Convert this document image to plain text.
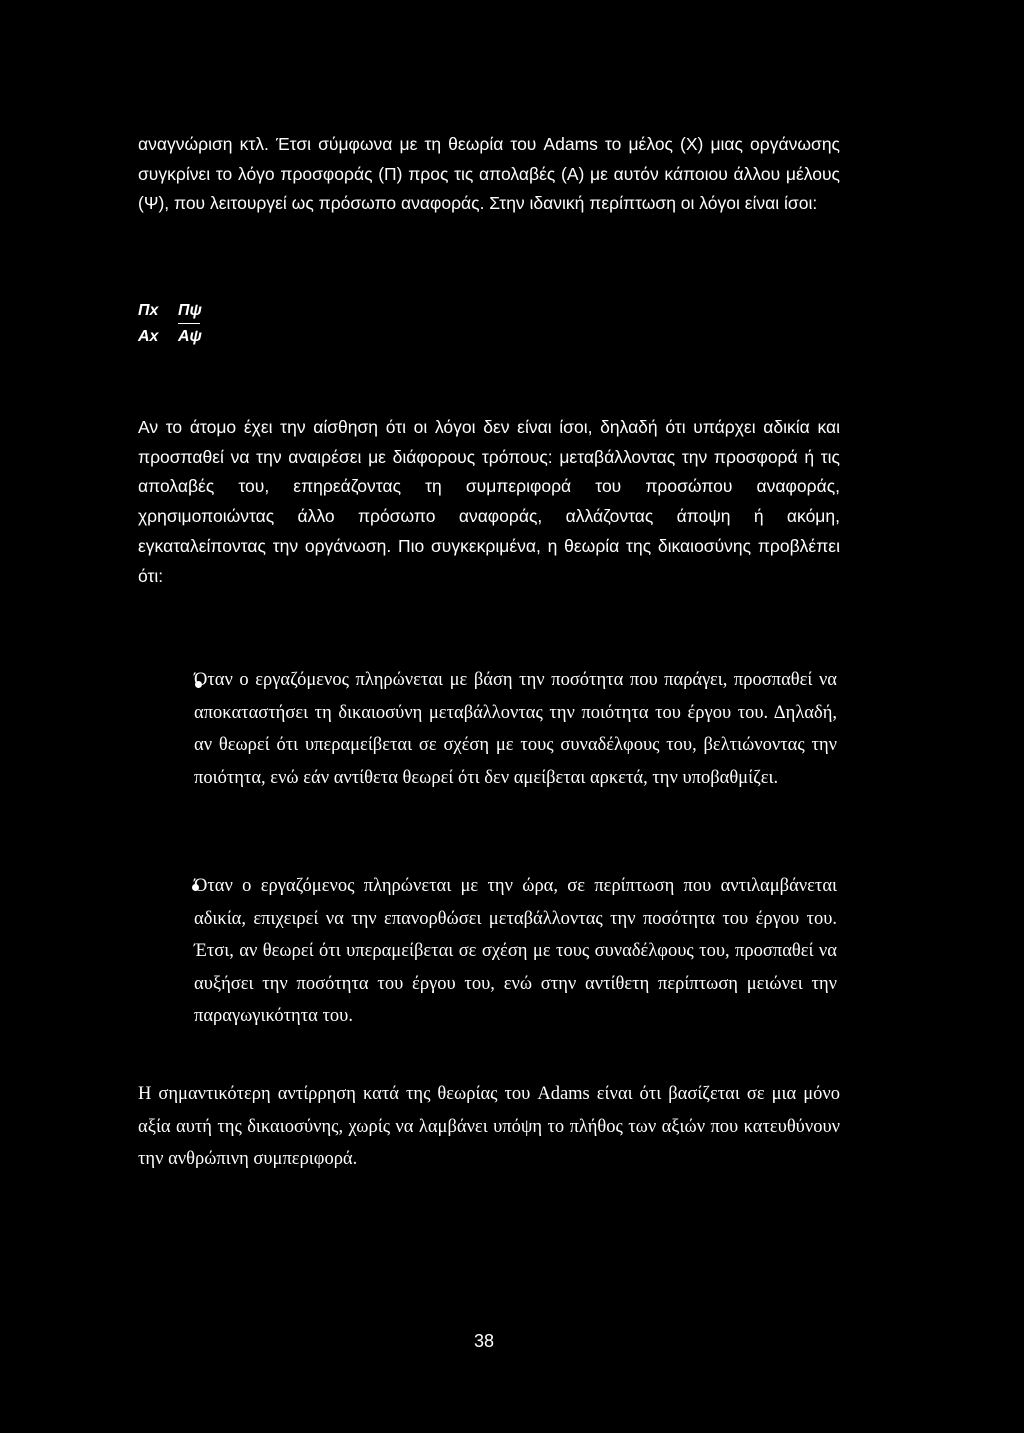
αναγνώριση κτλ. Έτσι σύμφωνα με τη θεωρία του Adams το μέλος (Χ) μιας οργάνωσης συγκρίνει το λόγο προσφοράς (Π) προς τις απολαβές (Α) με αυτόν κάποιου άλλου μέλους (Ψ), που λειτουργεί ως πρόσωπο αναφοράς. Στην ιδανική περίπτωση οι λόγοι είναι ίσοι:

Πx
Ax
Πψ
Aψ

Αν το άτομο έχει την αίσθηση ότι οι λόγοι δεν είναι ίσοι, δηλαδή ότι υπάρχει αδικία και προσπαθεί να την αναιρέσει με διάφορους τρόπους: μεταβάλλοντας την προσφορά ή τις απολαβές του, επηρεάζοντας τη συμπεριφορά του προσώπου αναφοράς, χρησιμοποιώντας άλλο πρόσωπο αναφοράς, αλλάζοντας άποψη ή ακόμη, εγκαταλείποντας την οργάνωση. Πιο συγκεκριμένα, η θεωρία της δικαιοσύνης προβλέπει ότι:

Όταν ο εργαζόμενος πληρώνεται με βάση την ποσότητα που παράγει, προσπαθεί να αποκαταστήσει τη δικαιοσύνη μεταβάλλοντας την ποιότητα του έργου του. Δηλαδή, αν θεωρεί ότι υπεραμείβεται σε σχέση με τους συναδέλφους του, βελτιώνοντας την ποιότητα, ενώ εάν αντίθετα θεωρεί ότι δεν αμείβεται αρκετά, την υποβαθμίζει.

Όταν ο εργαζόμενος πληρώνεται με την ώρα, σε περίπτωση που αντιλαμβάνεται αδικία, επιχειρεί να την επανορθώσει μεταβάλλοντας την ποσότητα του έργου του. Έτσι, αν θεωρεί ότι υπεραμείβεται σε σχέση με τους συναδέλφους του, προσπαθεί να αυξήσει την ποσότητα του έργου του, ενώ στην αντίθετη περίπτωση μειώνει την παραγωγικότητα του.

Η σημαντικότερη αντίρρηση κατά της θεωρίας του Adams είναι ότι βασίζεται σε μια μόνο αξία αυτή της δικαιοσύνης, χωρίς να λαμβάνει υπόψη το πλήθος των αξιών που κατευθύνουν την ανθρώπινη συμπεριφορά.

38
